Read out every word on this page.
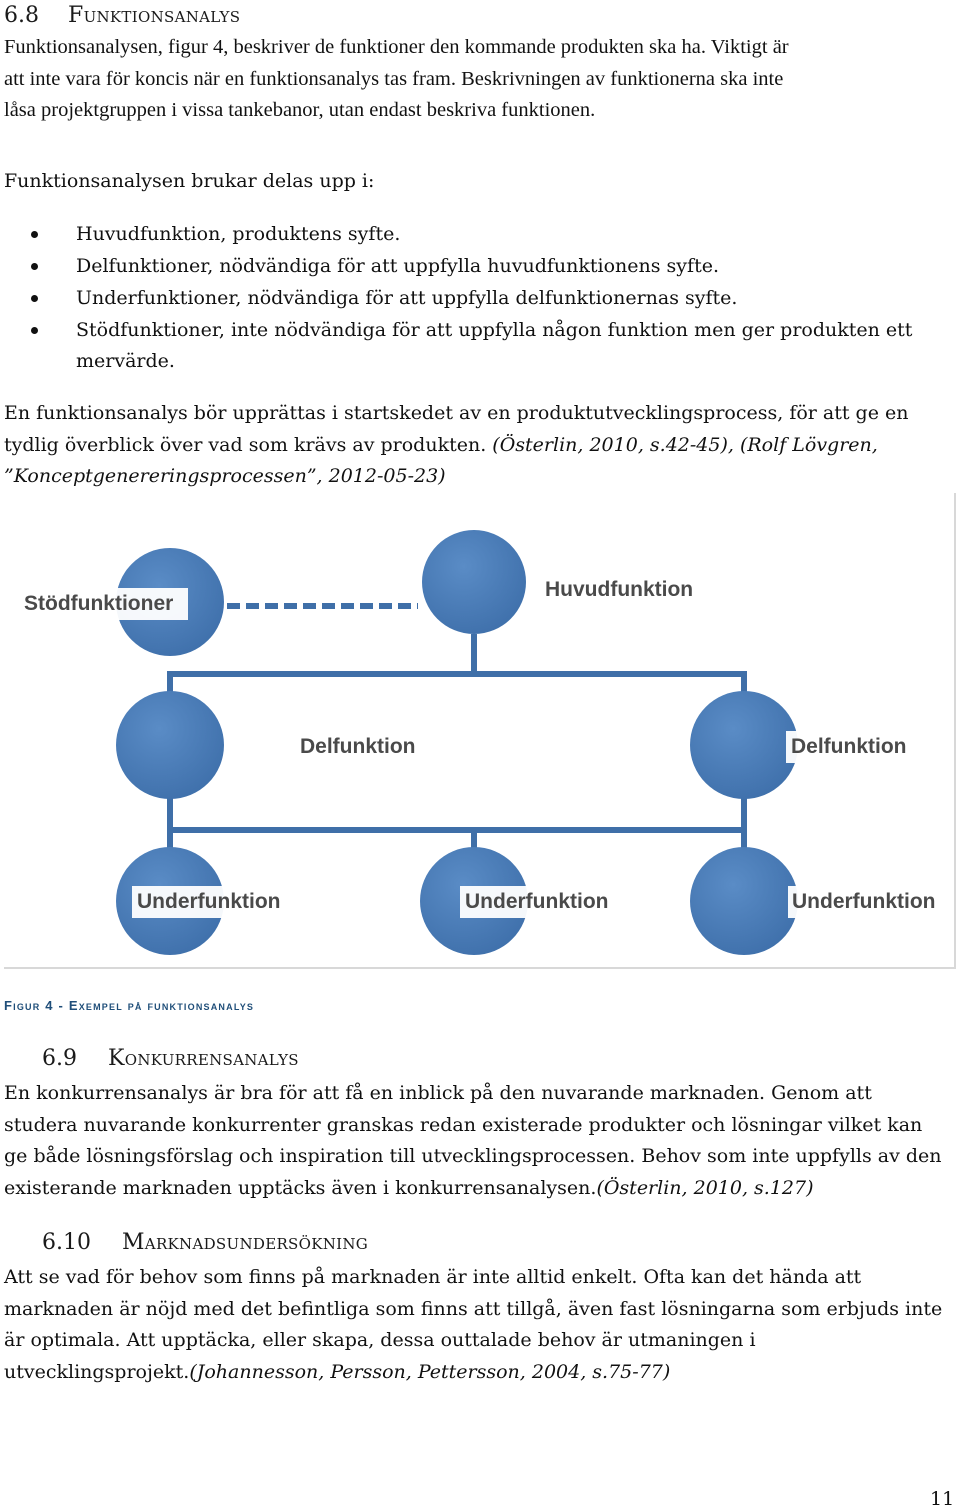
6.8 Funktionsanalys
Funktionsanalysen, figur 4, beskriver de funktioner den kommande produkten ska ha. Viktigt är
att inte vara för koncis när en funktionsanalys tas fram. Beskrivningen av funktionerna ska inte
låsa projektgruppen i vissa tankebanor, utan endast beskriva funktionen.
Funktionsanalysen brukar delas upp i:
Huvudfunktion, produktens syfte.
Delfunktioner, nödvändiga för att uppfylla huvudfunktionens syfte.
Underfunktioner, nödvändiga för att uppfylla delfunktionernas syfte.
Stödfunktioner, inte nödvändiga för att uppfylla någon funktion men ger produkten ett
mervärde.
En funktionsanalys bör upprättas i startskedet av en produktutvecklingsprocess, för att ge en
tydlig överblick över vad som krävs av produkten. (Österlin, 2010, s.42-45), (Rolf Lövgren,
”Konceptgenereringsprocessen”, 2012-05-23)
Stödfunktioner
Huvudfunktion
Delfunktion	Delfunktion
Underfunktion	Underfunktion	Underfunktion
Figur 4 - Exempel på funktionsanalys
6.9 Konkurrensanalys
En konkurrensanalys är bra för att få en inblick på den nuvarande marknaden. Genom att
studera nuvarande konkurrenter granskas redan existerade produkter och lösningar vilket kan
ge både lösningsförslag och inspiration till utvecklingsprocessen. Behov som inte uppfylls av den
existerande marknaden upptäcks även i konkurrensanalysen.(Österlin, 2010, s.127)
6.10 Marknadsundersökning
Att se vad för behov som finns på marknaden är inte alltid enkelt. Ofta kan det hända att
marknaden är nöjd med det befintliga som finns att tillgå, även fast lösningarna som erbjuds inte
är optimala. Att upptäcka, eller skapa, dessa outtalade behov är utmaningen i
utvecklingsprojekt.(Johannesson, Persson, Pettersson, 2004, s.75-77)
11
